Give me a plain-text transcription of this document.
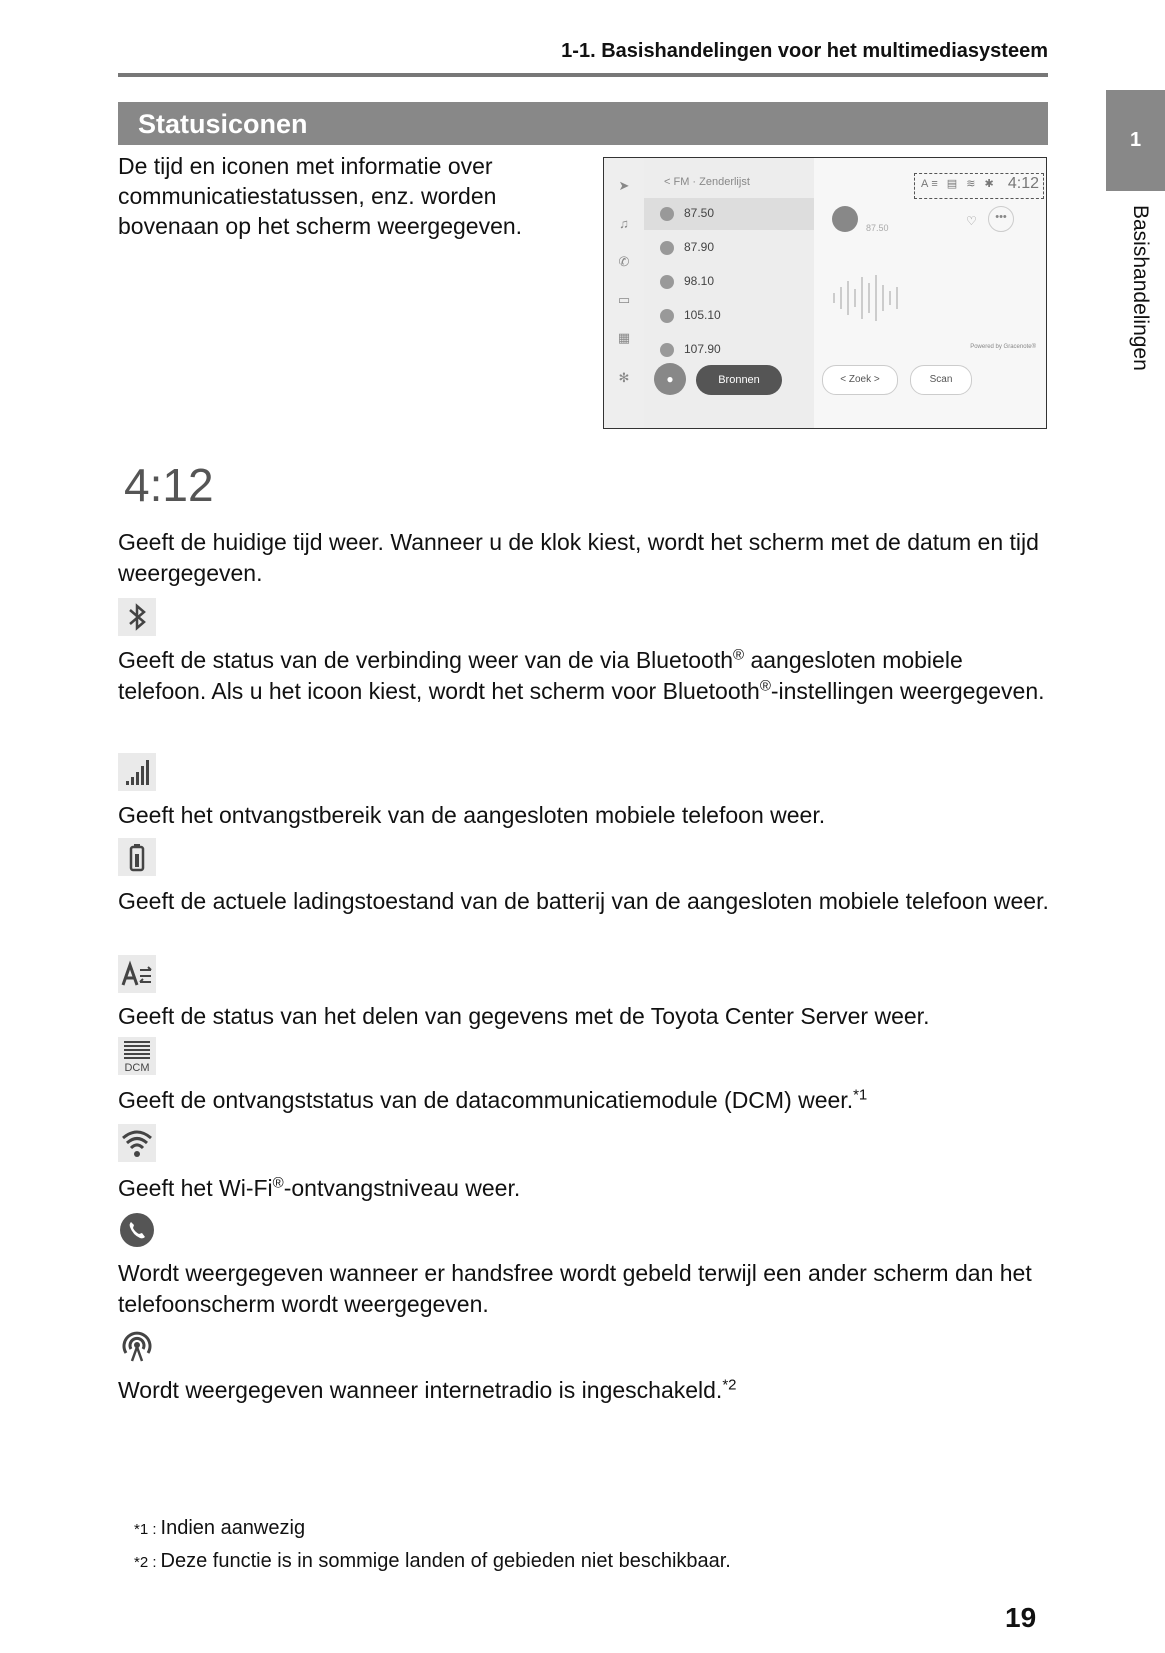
1-1. Basishandelingen voor het multimediasysteem
1
Basishandelingen
Statusiconen
De tijd en iconen met informatie over communicatiestatussen, enz. worden bovenaan op het scherm weergegeven.
➤
♫
✆
▭
▦
✻
< FM · Zenderlijst
87.50
87.90
98.10
105.10
107.90
A≡ ▤ ≋ ✱ 4:12
87.50	♡	•••
Powered by Gracenote®
●	Bronnen	< Zoek >	Scan
4:12
Geeft de huidige tijd weer. Wanneer u de klok kiest, wordt het scherm met de datum en tijd weergegeven.
Geeft de status van de verbinding weer van de via Bluetooth® aangesloten mobiele telefoon. Als u het icoon kiest, wordt het scherm voor Bluetooth®-instellingen weergegeven.
Geeft het ontvangstbereik van de aangesloten mobiele telefoon weer.
Geeft de actuele ladingstoestand van de batterij van de aangesloten mobiele telefoon weer.
Geeft de status van het delen van gegevens met de Toyota Center Server weer.
DCM
Geeft de ontvangststatus van de datacommunicatiemodule (DCM) weer.$^{*1}$
Geeft het Wi-Fi®-ontvangstniveau weer.
Wordt weergegeven wanneer er handsfree wordt gebeld terwijl een ander scherm dan het telefoonscherm wordt weergegeven.
Wordt weergegeven wanneer internetradio is ingeschakeld.$^{*2}$
*1 : Indien aanwezig
*2 : Deze functie is in sommige landen of gebieden niet beschikbaar.
19
